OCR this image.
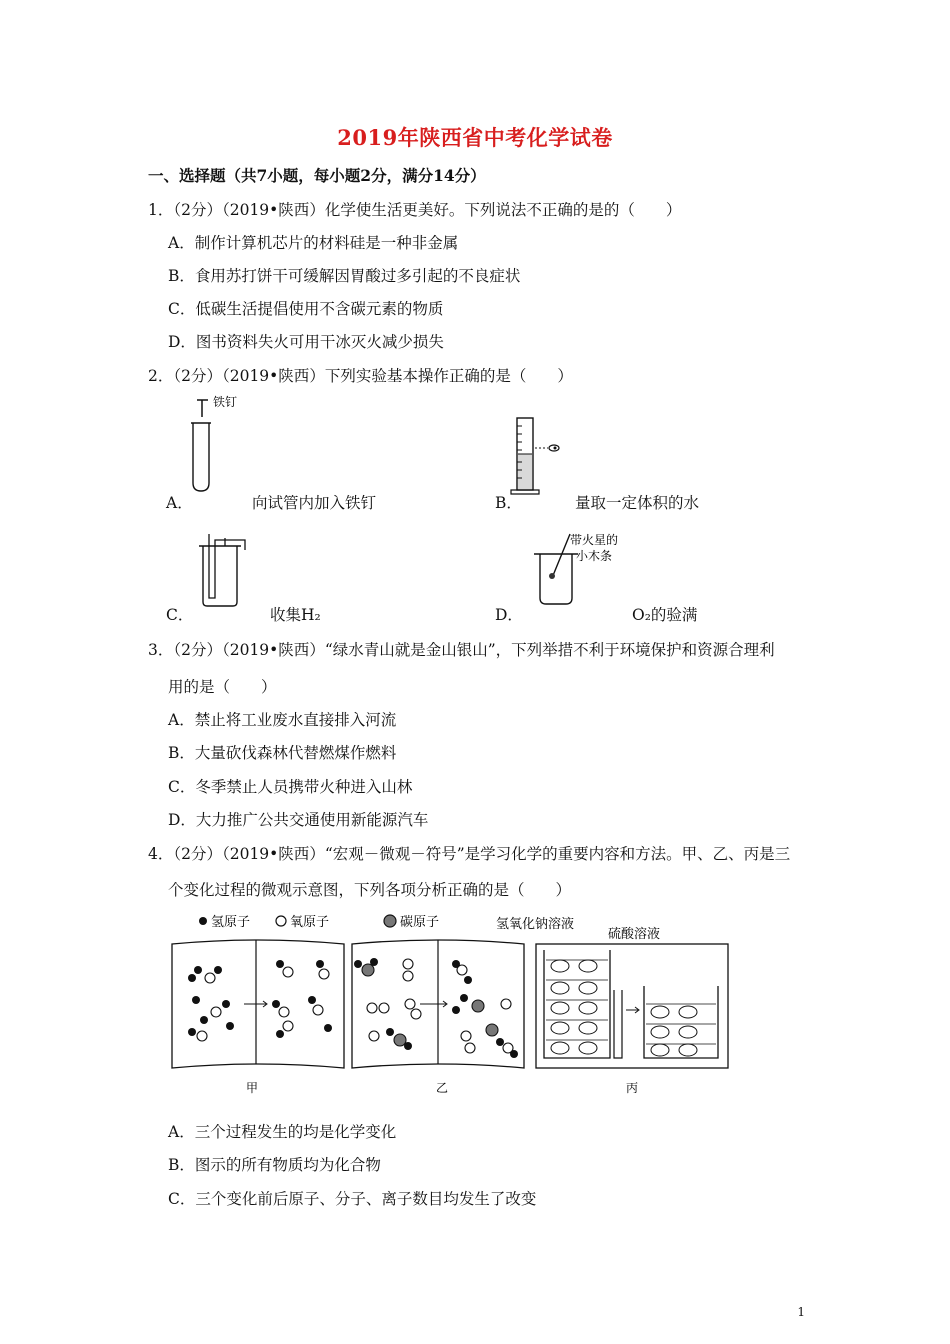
2019年陕西省中考化学试卷
一、选择题（共7小题，每小题2分，满分14分）
1．（2分）（2019•陕西）化学使生活更美好。下列说法不正确的是的（　　）
A．制作计算机芯片的材料硅是一种非金属
B．食用苏打饼干可缓解因胃酸过多引起的不良症状
C．低碳生活提倡使用不含碳元素的物质
D．图书资料失火可用干冰灭火减少损失
2．（2分）（2019•陕西）下列实验基本操作正确的是（　　）
铁钉
A．	向试管内加入铁钉	B．	量取一定体积的水
C．	收集H₂
带火星的
小木条
D．	O₂的验满
3．（2分）（2019•陕西）“绿水青山就是金山银山”，下列举措不利于环境保护和资源合理利
用的是（　　）
A．禁止将工业废水直接排入河流
B．大量砍伐森林代替燃煤作燃料
C．冬季禁止人员携带火种进入山林
D．大力推广公共交通使用新能源汽车
4．（2分）（2019•陕西）“宏观－微观－符号”是学习化学的重要内容和方法。甲、乙、丙是三
个变化过程的微观示意图，下列各项分析正确的是（　　）
氢原子	氧原子	碳原子	氢氧化钠溶液
硫酸溶液
甲	乙	丙
A．三个过程发生的均是化学变化
B．图示的所有物质均为化合物
C．三个变化前后原子、分子、离子数目均发生了改变
1
